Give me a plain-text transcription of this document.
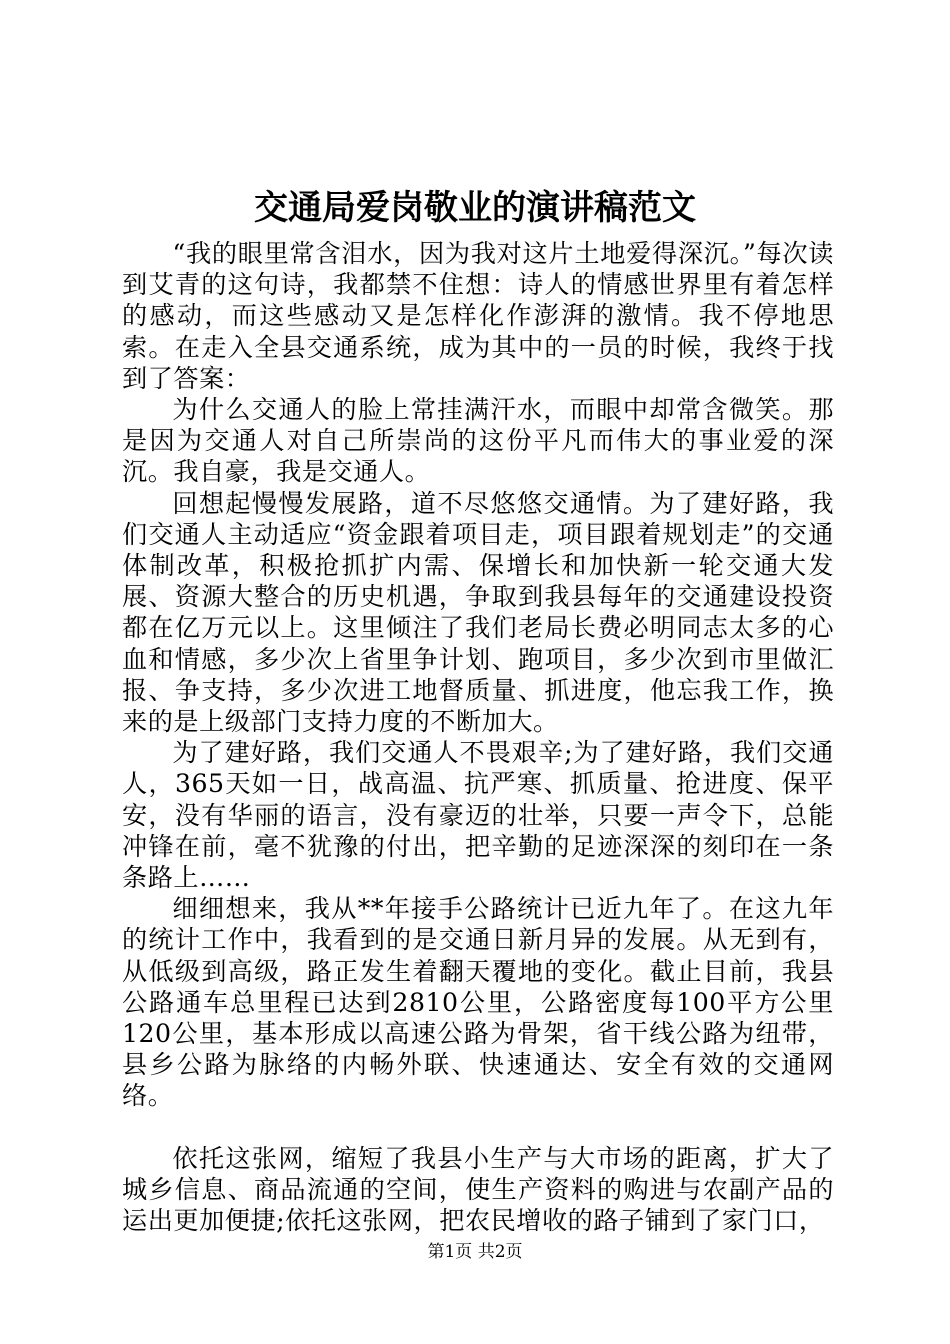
交通局爱岗敬业的演讲稿范文

“我的眼里常含泪水，因为我对这片土地爱得深沉。”每次读到艾青的这句诗，我都禁不住想：诗人的情感世界里有着怎样的感动，而这些感动又是怎样化作澎湃的激情。我不停地思索。在走入全县交通系统，成为其中的一员的时候，我终于找到了答案：

为什么交通人的脸上常挂满汗水，而眼中却常含微笑。那是因为交通人对自己所崇尚的这份平凡而伟大的事业爱的深沉。我自豪，我是交通人。

回想起慢慢发展路，道不尽悠悠交通情。为了建好路，我们交通人主动适应“资金跟着项目走，项目跟着规划走”的交通体制改革，积极抢抓扩内需、保增长和加快新一轮交通大发展、资源大整合的历史机遇，争取到我县每年的交通建设投资都在亿万元以上。这里倾注了我们老局长费必明同志太多的心血和情感，多少次上省里争计划、跑项目，多少次到市里做汇报、争支持，多少次进工地督质量、抓进度，他忘我工作，换来的是上级部门支持力度的不断加大。

为了建好路，我们交通人不畏艰辛;为了建好路，我们交通人，365天如一日，战高温、抗严寒、抓质量、抢进度、保平安，没有华丽的语言，没有豪迈的壮举，只要一声令下，总能冲锋在前，毫不犹豫的付出，把辛勤的足迹深深的刻印在一条条路上……

细细想来，我从**年接手公路统计已近九年了。在这九年的统计工作中，我看到的是交通日新月异的发展。从无到有，从低级到高级，路正发生着翻天覆地的变化。截止目前，我县公路通车总里程已达到2810公里，公路密度每100平方公里120公里，基本形成以高速公路为骨架，省干线公路为纽带，县乡公路为脉络的内畅外联、快速通达、安全有效的交通网络。

依托这张网，缩短了我县小生产与大市场的距离，扩大了城乡信息、商品流通的空间，使生产资料的购进与农副产品的运出更加便捷;依托这张网，把农民增收的路子铺到了家门口，

第1页 共2页
